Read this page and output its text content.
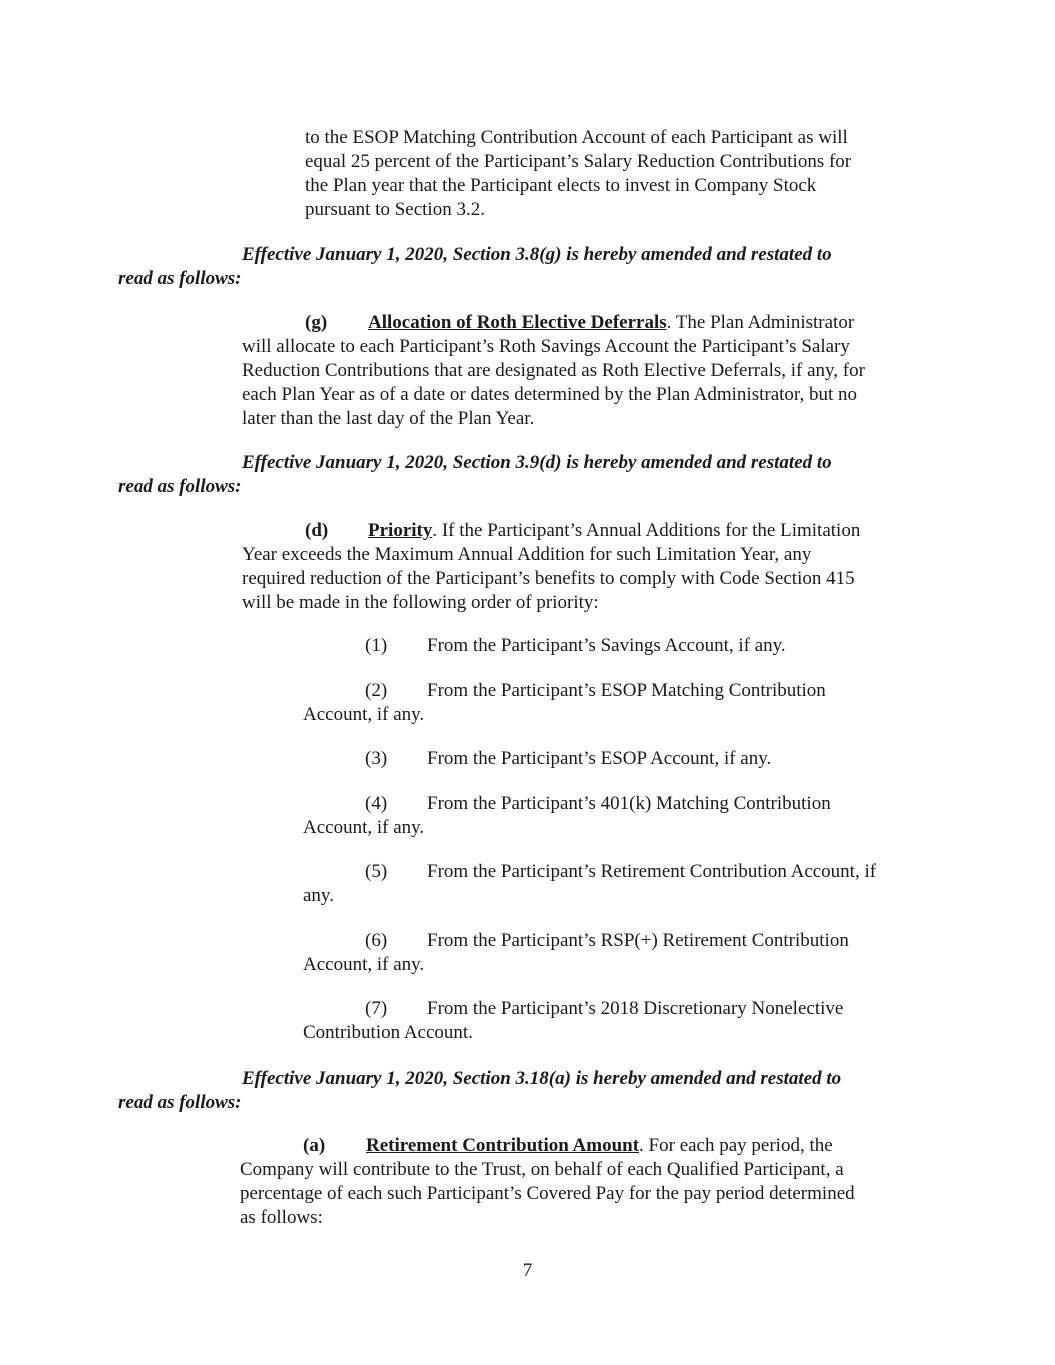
to the ESOP Matching Contribution Account of each Participant as will
equal 25 percent of the Participant’s Salary Reduction Contributions for
the Plan year that the Participant elects to invest in Company Stock
pursuant to Section 3.2.
Effective January 1, 2020, Section 3.8(g) is hereby amended and restated to
read as follows:
(g) Allocation of Roth Elective Deferrals. The Plan Administrator
will allocate to each Participant’s Roth Savings Account the Participant’s Salary
Reduction Contributions that are designated as Roth Elective Deferrals, if any, for
each Plan Year as of a date or dates determined by the Plan Administrator, but no
later than the last day of the Plan Year.
Effective January 1, 2020, Section 3.9(d) is hereby amended and restated to
read as follows:
(d) Priority. If the Participant’s Annual Additions for the Limitation
Year exceeds the Maximum Annual Addition for such Limitation Year, any
required reduction of the Participant’s benefits to comply with Code Section 415
will be made in the following order of priority:
(1) From the Participant’s Savings Account, if any.
(2) From the Participant’s ESOP Matching Contribution
Account, if any.
(3) From the Participant’s ESOP Account, if any.
(4) From the Participant’s 401(k) Matching Contribution
Account, if any.
(5) From the Participant’s Retirement Contribution Account, if
any.
(6) From the Participant’s RSP(+) Retirement Contribution
Account, if any.
(7) From the Participant’s 2018 Discretionary Nonelective
Contribution Account.
Effective January 1, 2020, Section 3.18(a) is hereby amended and restated to
read as follows:
(a) Retirement Contribution Amount. For each pay period, the
Company will contribute to the Trust, on behalf of each Qualified Participant, a
percentage of each such Participant’s Covered Pay for the pay period determined
as follows:
7
